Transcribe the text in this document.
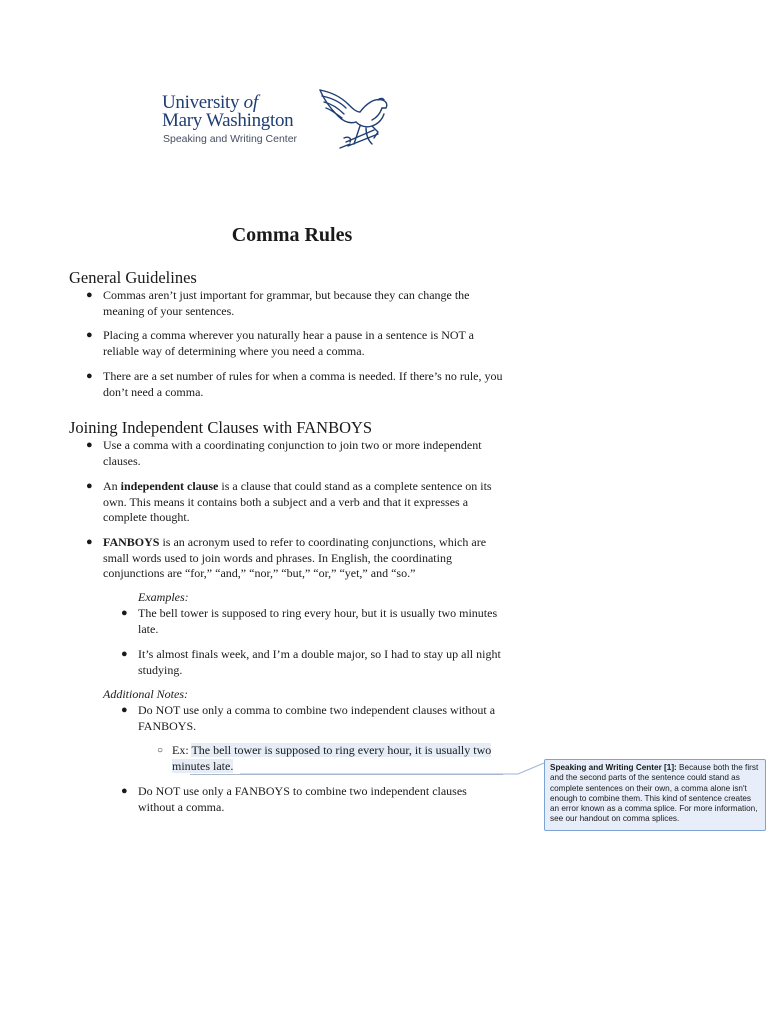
University of
Mary Washington
Speaking and Writing Center
Comma Rules
General Guidelines
● Commas aren’t just important for grammar, but because they can change the meaning of your sentences.
● Placing a comma wherever you naturally hear a pause in a sentence is NOT a reliable way of determining where you need a comma.
● There are a set number of rules for when a comma is needed. If there’s no rule, you don’t need a comma.
Joining Independent Clauses with FANBOYS
● Use a comma with a coordinating conjunction to join two or more independent clauses.
● An independent clause is a clause that could stand as a complete sentence on its own. This means it contains both a subject and a verb and that it expresses a complete thought.
● FANBOYS is an acronym used to refer to coordinating conjunctions, which are small words used to join words and phrases. In English, the coordinating conjunctions are “for,” “and,” “nor,” “but,” “or,” “yet,” and “so.”
Examples:
● The bell tower is supposed to ring every hour, but it is usually two minutes late.
● It’s almost finals week, and I’m a double major, so I had to stay up all night studying.
Additional Notes:
● Do NOT use only a comma to combine two independent clauses without a FANBOYS.
○ Ex: The bell tower is supposed to ring every hour, it is usually two minutes late.
● Do NOT use only a FANBOYS to combine two independent clauses without a comma.
Speaking and Writing Center [1]: Because both the first and the second parts of the sentence could stand as complete sentences on their own, a comma alone isn't enough to combine them. This kind of sentence creates an error known as a comma splice. For more information, see our handout on comma splices.
